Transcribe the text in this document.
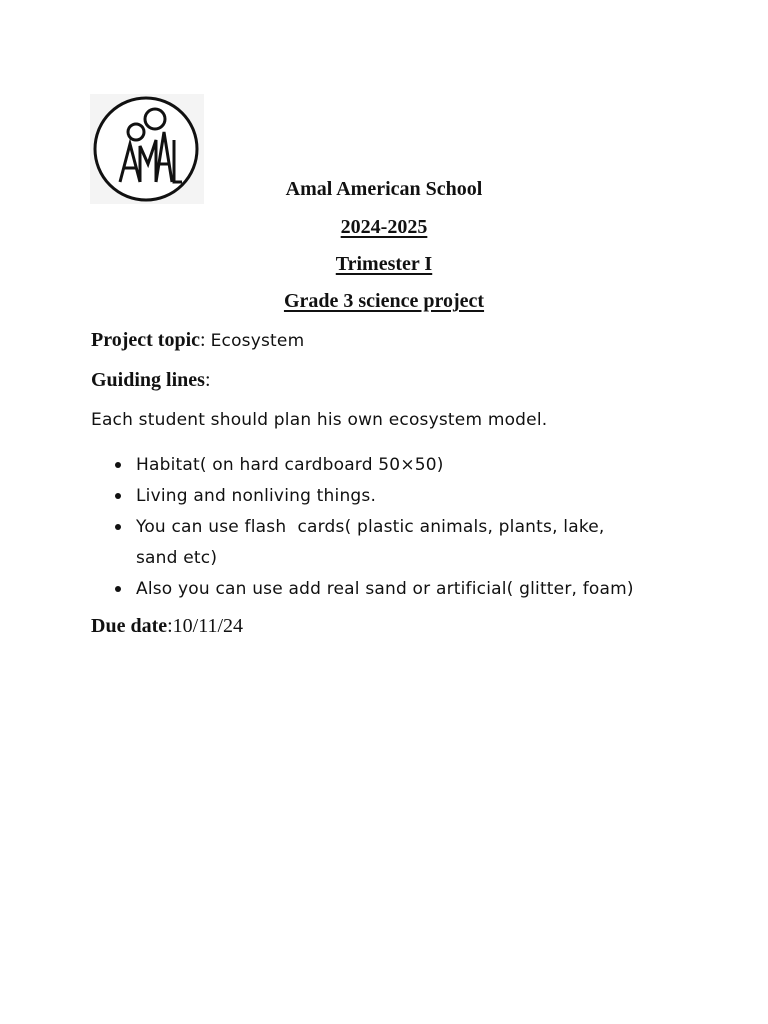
Amal American School
2024-2025
Trimester I
Grade 3 science project
Project topic: Ecosystem
Guiding lines:
Each student should plan his own ecosystem model.
Habitat( on hard cardboard 50×50)
Living and nonliving things.
You can use flash  cards( plastic animals, plants, lake, sand etc)
Also you can use add real sand or artificial( glitter, foam)
Due date:10/11/24
